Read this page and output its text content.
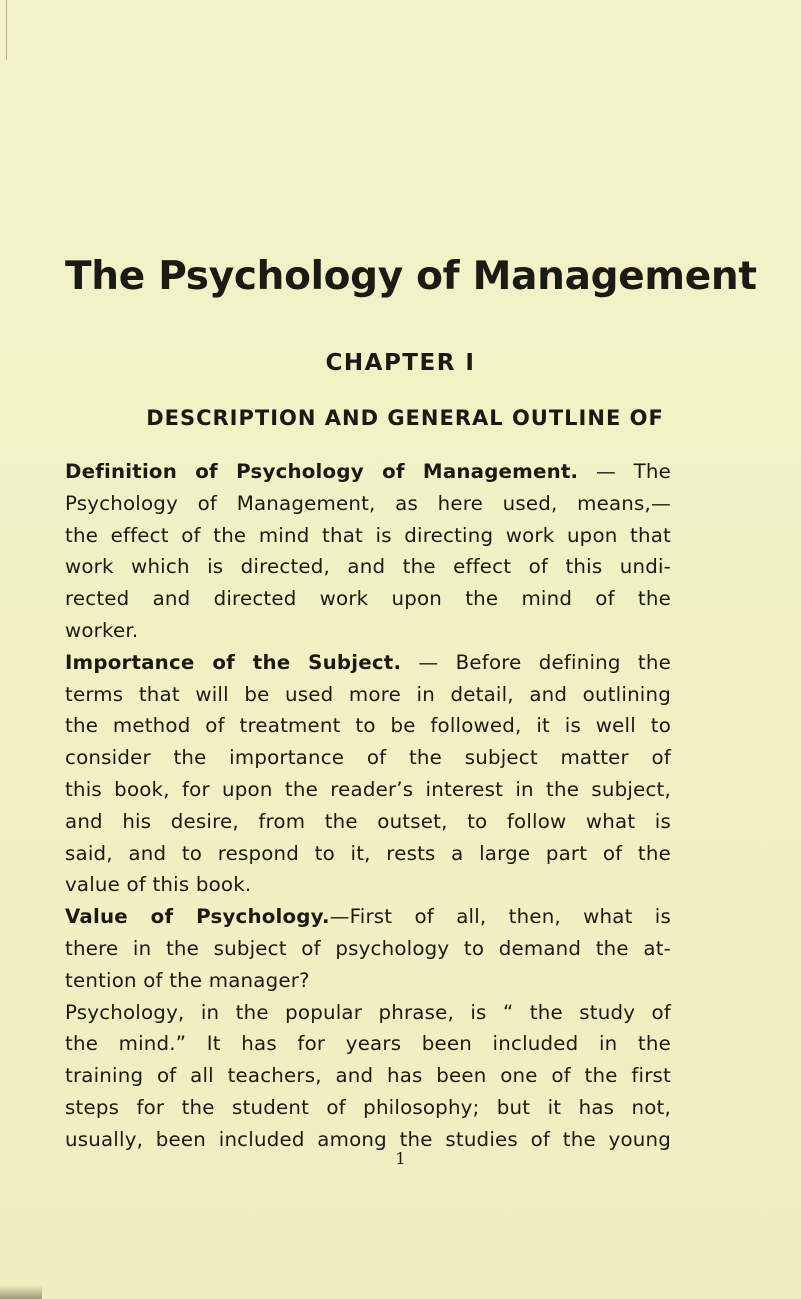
The Psychology of Management
CHAPTER I
DESCRIPTION AND GENERAL OUTLINE OF
Definition of Psychology of Management. — The
Psychology of Management, as here used, means,—
the effect of the mind that is directing work upon that
work which is directed, and the effect of this undi-
rected and directed work upon the mind of the
worker.
Importance of the Subject. — Before defining the
terms that will be used more in detail, and outlining
the method of treatment to be followed, it is well to
consider the importance of the subject matter of
this book, for upon the reader’s interest in the subject,
and his desire, from the outset, to follow what is
said, and to respond to it, rests a large part of the
value of this book.
Value of Psychology.—First of all, then, what is
there in the subject of psychology to demand the at-
tention of the manager?
Psychology, in the popular phrase, is “ the study of
the mind.” It has for years been included in the
training of all teachers, and has been one of the first
steps for the student of philosophy; but it has not,
usually, been included among the studies of the young
1
